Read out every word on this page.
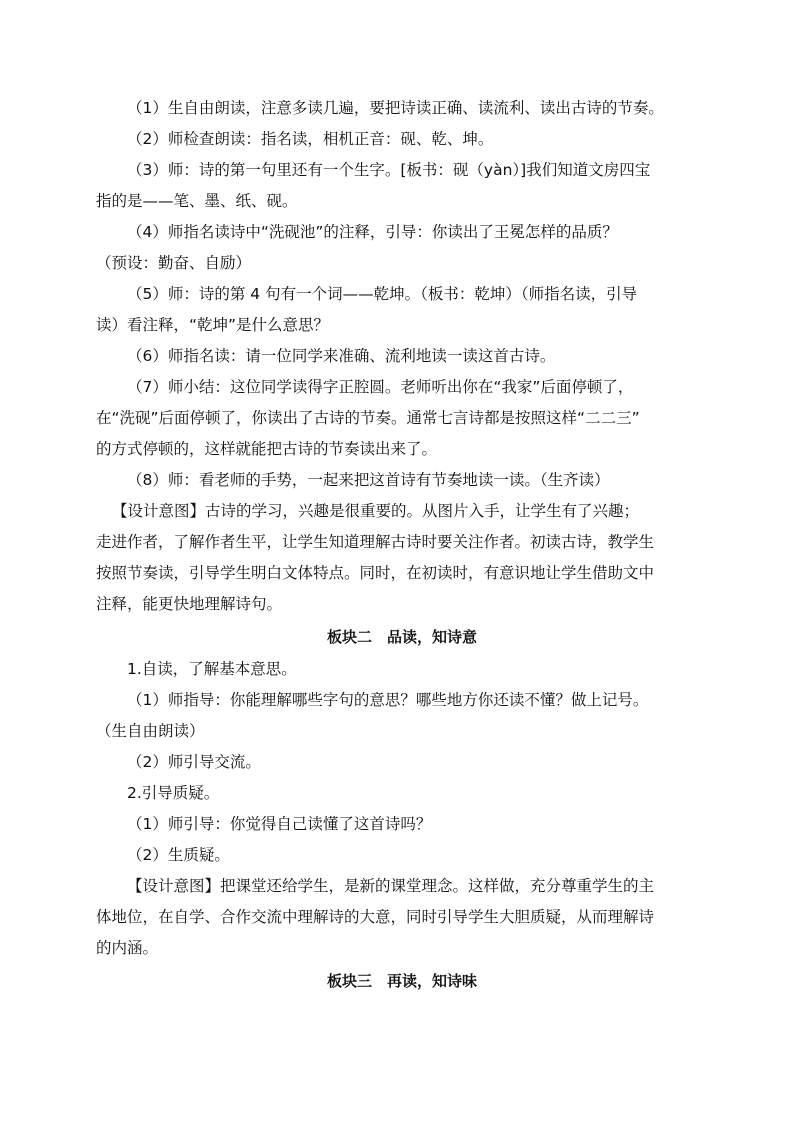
（1）生自由朗读，注意多读几遍，要把诗读正确、读流利、读出古诗的节奏。
（2）师检查朗读：指名读，相机正音：砚、乾、坤。
（3）师：诗的第一句里还有一个生字。[板书：砚（yàn）]我们知道文房四宝
指的是——笔、墨、纸、砚。
（4）师指名读诗中“洗砚池”的注释，引导：你读出了王冕怎样的品质？
（预设：勤奋、自励）
（5）师：诗的第 4 句有一个词——乾坤。（板书：乾坤）（师指名读，引导
读）看注释，“乾坤”是什么意思？
（6）师指名读：请一位同学来准确、流利地读一读这首古诗。
（7）师小结：这位同学读得字正腔圆。老师听出你在“我家”后面停顿了，
在“洗砚”后面停顿了，你读出了古诗的节奏。通常七言诗都是按照这样“二二三”
的方式停顿的，这样就能把古诗的节奏读出来了。
（8）师：看老师的手势，一起来把这首诗有节奏地读一读。（生齐读）
【设计意图】古诗的学习，兴趣是很重要的。从图片入手，让学生有了兴趣；
走进作者，了解作者生平，让学生知道理解古诗时要关注作者。初读古诗，教学生
按照节奏读，引导学生明白文体特点。同时，在初读时，有意识地让学生借助文中
注释，能更快地理解诗句。
板块二　品读，知诗意
1.自读，了解基本意思。
（1）师指导：你能理解哪些字句的意思？哪些地方你还读不懂？做上记号。
（生自由朗读）
（2）师引导交流。
2.引导质疑。
（1）师引导：你觉得自己读懂了这首诗吗？
（2）生质疑。
【设计意图】把课堂还给学生，是新的课堂理念。这样做，充分尊重学生的主
体地位，在自学、合作交流中理解诗的大意，同时引导学生大胆质疑，从而理解诗
的内涵。
板块三　再读，知诗味
